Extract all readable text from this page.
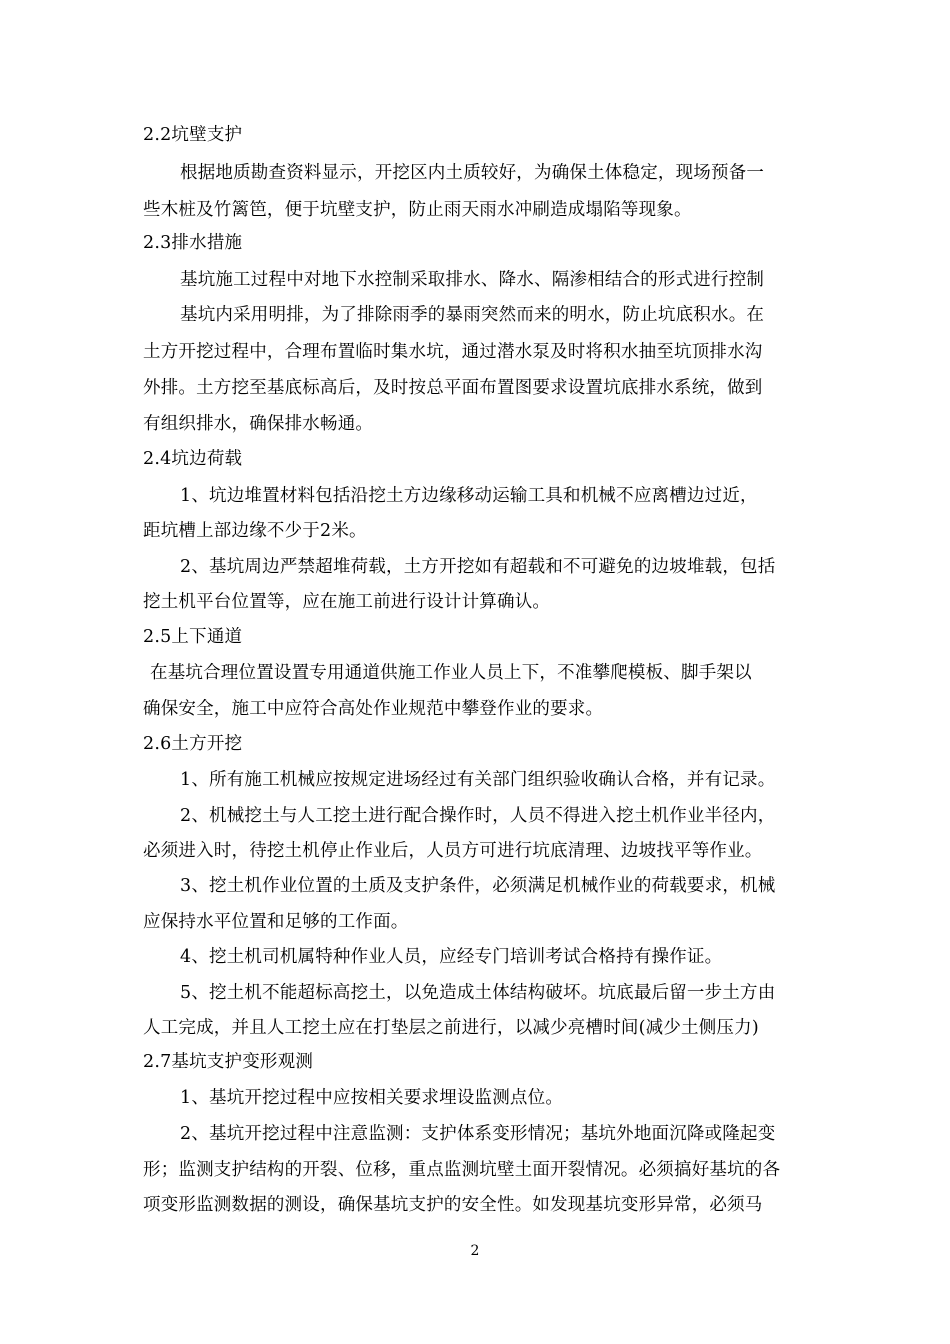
2.2坑壁支护
根据地质勘查资料显示，开挖区内土质较好，为确保土体稳定，现场预备一
些木桩及竹篱笆，便于坑壁支护，防止雨天雨水冲刷造成塌陷等现象。
2.3排水措施
基坑施工过程中对地下水控制采取排水、降水、隔渗相结合的形式进行控制
基坑内采用明排，为了排除雨季的暴雨突然而来的明水，防止坑底积水。在
土方开挖过程中，合理布置临时集水坑，通过潜水泵及时将积水抽至坑顶排水沟
外排。土方挖至基底标高后，及时按总平面布置图要求设置坑底排水系统，做到
有组织排水，确保排水畅通。
2.4坑边荷载
1、坑边堆置材料包括沿挖土方边缘移动运输工具和机械不应离槽边过近，
距坑槽上部边缘不少于2米。
2、基坑周边严禁超堆荷载，土方开挖如有超载和不可避免的边坡堆载，包括
挖土机平台位置等，应在施工前进行设计计算确认。
2.5上下通道
在基坑合理位置设置专用通道供施工作业人员上下，不准攀爬模板、脚手架以
确保安全，施工中应符合高处作业规范中攀登作业的要求。
2.6土方开挖
1、所有施工机械应按规定进场经过有关部门组织验收确认合格，并有记录。
2、机械挖土与人工挖土进行配合操作时，人员不得进入挖土机作业半径内，
必须进入时，待挖土机停止作业后，人员方可进行坑底清理、边坡找平等作业。
3、挖土机作业位置的土质及支护条件，必须满足机械作业的荷载要求，机械
应保持水平位置和足够的工作面。
4、挖土机司机属特种作业人员，应经专门培训考试合格持有操作证。
5、挖土机不能超标高挖土，以免造成土体结构破坏。坑底最后留一步土方由
人工完成，并且人工挖土应在打垫层之前进行，以减少亮槽时间(减少土侧压力)
2.7基坑支护变形观测
1、基坑开挖过程中应按相关要求埋设监测点位。
2、基坑开挖过程中注意监测：支护体系变形情况；基坑外地面沉降或隆起变
形；监测支护结构的开裂、位移，重点监测坑壁土面开裂情况。必须搞好基坑的各
项变形监测数据的测设，确保基坑支护的安全性。如发现基坑变形异常，必须马
2
